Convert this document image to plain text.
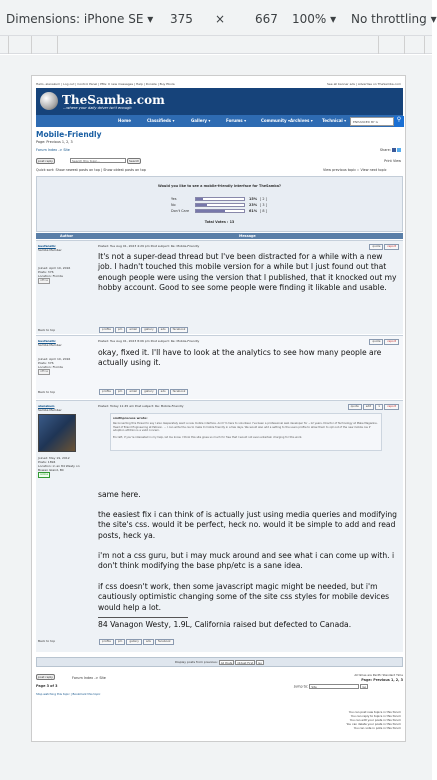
Dimensions: iPhone SE ▾ 375 × 667 100% ▾ No throttling ▾
Hello, alanakum | Log out | Control Panel | PMs: 0 new messages | Help | Donate | Buy Ebola	See all banner ads | Advertise on TheSamba.com
TheSamba.com
...where your daily driver isn't enough
Home	Classifieds ▾	Gallery ▾	Forums ▾	Community ▾ Archives ▾	ENHANCED BY G	⚲
Technical ▾
Mobile-Friendly
Page: Previous 1, 2, 3
Forum Index -> Site	Share:
post reply	Search this topic...	Search	Print View
Quick sort: Show newest posts on top | Show oldest posts on top	View previous topic :: View next topic
Would you like to see a mobile-friendly interface for TheSamba?
Yes	15% [ 2 ]
No	23% [ 3 ]
Don't Care	61% [ 8 ]
Total Votes : 13
Author	Message
busfanatic
Samba Member
Joined: April 10, 2016
Posts: 376
Location: Florida
offline
Posted: Tue Aug 01, 2023 4:29 pm Post subject: Re: Mobile-Friendly	quote	report
It's not a super-dead thread but I've been distracted for a while with a new job. I hadn't touched this mobile version for a while but I just found out that enough people were using the version that I published, that it knocked out my hobby account. Good to see some people were finding it likable and usable.
Back to top	profile	pm	email	gallery	ads	facebook
busfanatic
Samba Member
Joined: April 10, 2016
Posts: 376
Location: Florida
offline
Posted: Tue Aug 01, 2023 8:06 pm Post subject: Re: Mobile-Friendly	quote	report
okay, fixed it. I'll have to look at the analytics to see how many people are actually using it.
Back to top	profile	pm	email	gallery	ads	facebook
alanakum
Samba Member
Joined: May 19, 2012
Posts: 1894
Location: in an 84 Westy on
Bowen Island, BC
online
Posted: Today 11:45 am Post subject: Re: Mobile-Friendly	quote	edit	×	report
smithprocess wrote:
Reconnecting this thread to say I also desperately want a new mobile interface. And I'm here to volunteer. I've been a professional web developer for ~12 years. Director of Technology at Make Magazine. Head of Brand Engineering at Patreon. ... I can write the css to make it mobile friendly in a few days. We would also add a setting to the users profile to allow them to opt out of the new mobile css if adoption attrition is a valid concern.

Encraft, if you're interested in my help, let me know. I think this site gives so much for free that I would not even entertain charging for this work.
same here.
the easiest fix i can think of is actually just using media queries and modifying the site's css. would it be perfect, heck no. would it be simple to add and read posts, heck ya.
i'm not a css guru, but i may muck around and see what i can come up with. i don't think modifying the base php/etc is a sane idea.
if css doesn't work, then some javascript magic might be needed, but i'm cautiously optimistic changing some of the site css styles for mobile devices would help a lot.
84 Vanagon Westy, 1.9L, California raised but defected to Canada.
Back to top	profile	pm	gallery	ads	facebook
Display posts from previous: All Posts Oldest First Go
post reply	Forum Index -> Site
All times are Pacific Standard Time
Page: Previous 1, 2, 3
Page 3 of 3
Stop watching this topic | Bookmark this topic
Jump to: Site	Go
You can post new topics in this forum
You can reply to topics in this forum
You can edit your posts in this forum
You can delete your posts in this forum
You can vote in polls in this forum
